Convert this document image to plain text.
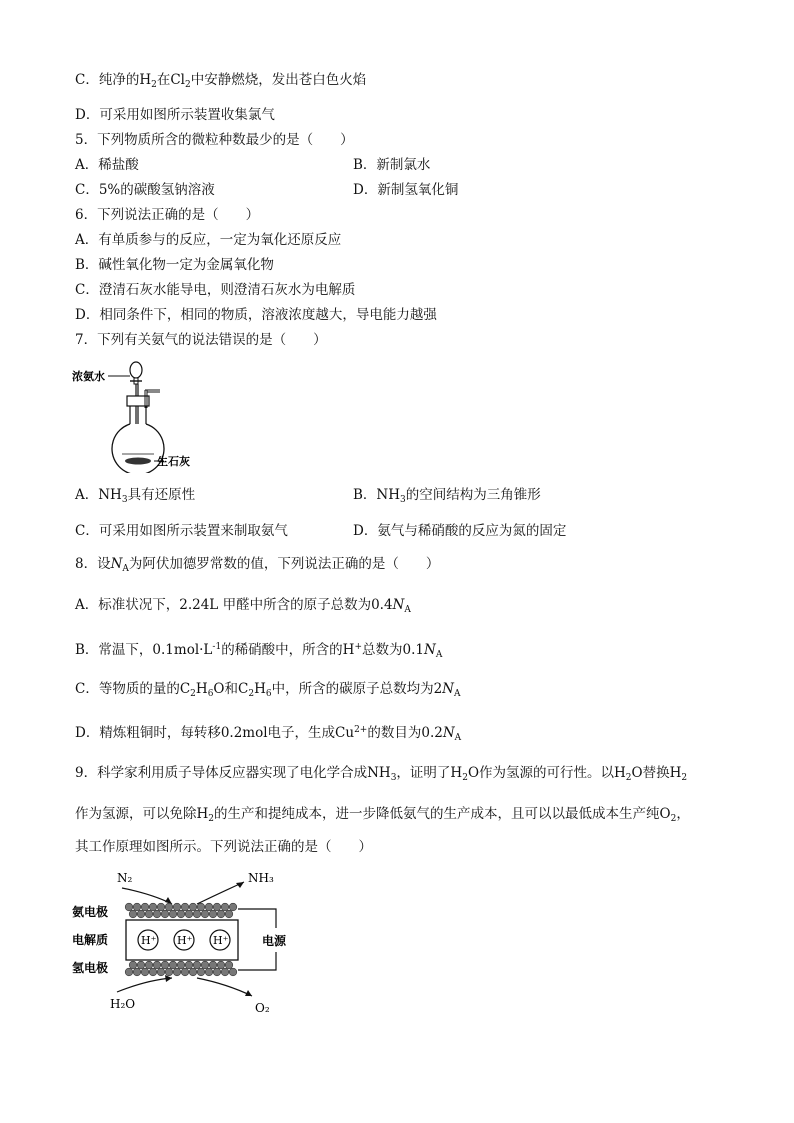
C．纯净的$H_2$在$Cl_2$中安静燃烧，发出苍白色火焰
D．可采用如图所示装置收集氯气
5．下列物质所含的微粒种数最少的是（　　）
A．稀盐酸	B．新制氯水
C．5%的碳酸氢钠溶液	D．新制氢氧化铜
6．下列说法正确的是（　　）
A．有单质参与的反应，一定为氧化还原反应
B．碱性氧化物一定为金属氧化物
C．澄清石灰水能导电，则澄清石灰水为电解质
D．相同条件下，相同的物质，溶液浓度越大，导电能力越强
7．下列有关氨气的说法错误的是（　　）
浓氨水
生石灰
A．$NH_3$具有还原性	B．$NH_3$的空间结构为三角锥形
C．可采用如图所示装置来制取氨气	D．氨气与稀硝酸的反应为氮的固定
8．设$N_A$为阿伏加德罗常数的值，下列说法正确的是（　　）
A．标准状况下，2.24L 甲醛中所含的原子总数为$0.4N_A$
B．常温下，$0.1mol\cdot L^{-1}$的稀硝酸中，所含的H+总数为$0.1N_A$
C．等物质的量的$C_2H_6O$和$C_2H_6$中，所含的碳原子总数均为$2N_A$
D．精炼粗铜时，每转移0.2mol电子，生成$Cu^{2+}$的数目为$0.2N_A$
9．科学家利用质子导体反应器实现了电化学合成$NH_3$，证明了$H_2O$作为氢源的可行性。以$H_2O$替换$H_2$
作为氢源，可以免除$H_2$的生产和提纯成本，进一步降低氨气的生产成本，且可以以最低成本生产纯$O_2$，
其工作原理如图所示。下列说法正确的是（　　）
N₂	NH₃
氨电极
电解质
氢电极
H⁺ H⁺ H⁺	电源
H₂O	O₂
